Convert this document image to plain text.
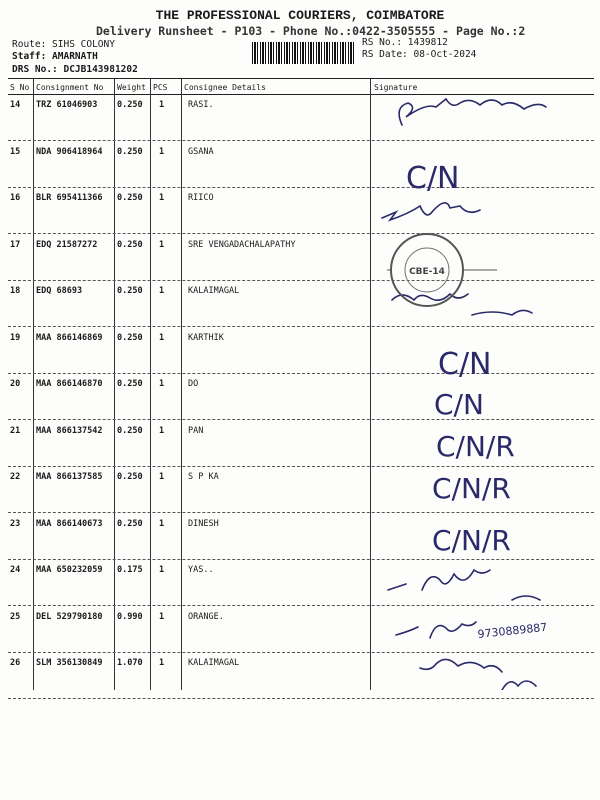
THE PROFESSIONAL COURIERS, COIMBATORE
Delivery Runsheet - P103 - Phone No.:0422-3505555 - Page No.:2
Route: SIHS COLONY
Staff: AMARNATH
DRS No.: DCJB143981202
RS No.: 1439812
RS Date: 08-Oct-2024
S No Consignment No Weight PCS Consignee Details	Signature
14 TRZ 61046903 0.250 1	RASI.
15 NDA 906418964 0.250 1	GSANA
16 BLR 695411366 0.250 1	RIICO
17 EDQ 21587272 0.250 1	SRE VENGADACHALAPATHY
18 EDQ 68693	0.250 1	KALAIMAGAL
19 MAA 866146869 0.250 1	KARTHIK
20 MAA 866146870 0.250 1	DO
21 MAA 866137542 0.250 1	PAN
22 MAA 866137585 0.250 1	S P KA
23 MAA 866140673 0.250 1	DINESH
24 MAA 650232059 0.175 1	YAS..
25 DEL 529790180 0.990 1	ORANGE.
26 SLM 356130849 1.070 1	KALAIMAGAL
C/N
C/N
C/N
C/N/R
C/N/R
C/N/R
9730889887
CBE-14
